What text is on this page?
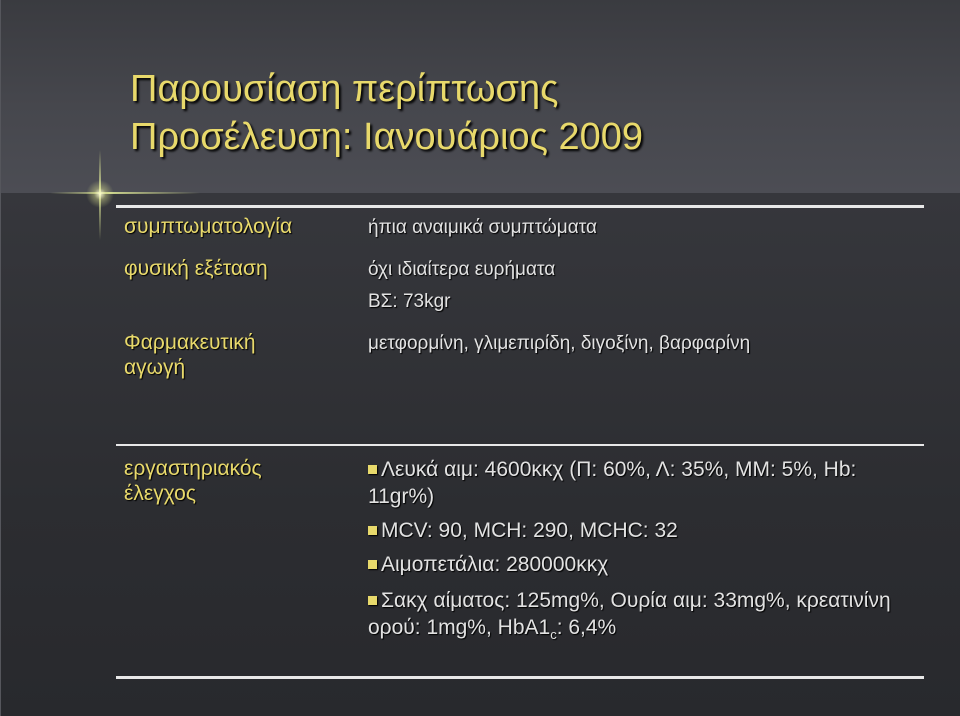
Παρουσίαση περίπτωσης
Προσέλευση: Ιανουάριος 2009
συμπτωματολογία	ήπια αναιμικά συμπτώματα
φυσική εξέταση	όχι ιδιαίτερα ευρήματα
ΒΣ: 73kgr
Φαρμακευτική αγωγή
μετφορμίνη, γλιμεπιρίδη, διγοξίνη, βαρφαρίνη
εργαστηριακός έλεγχος
Λευκά αιμ: 4600κκχ (Π: 60%, Λ: 35%, ΜΜ: 5%, Hb: 11gr%)
MCV: 90, MCH: 290, MCHC: 32
Αιμοπετάλια: 280000κκχ
Σακχ αίματος: 125mg%, Ουρία αιμ: 33mg%, κρεατινίνη ορού: 1mg%, $HbA1_c$: 6,4%
